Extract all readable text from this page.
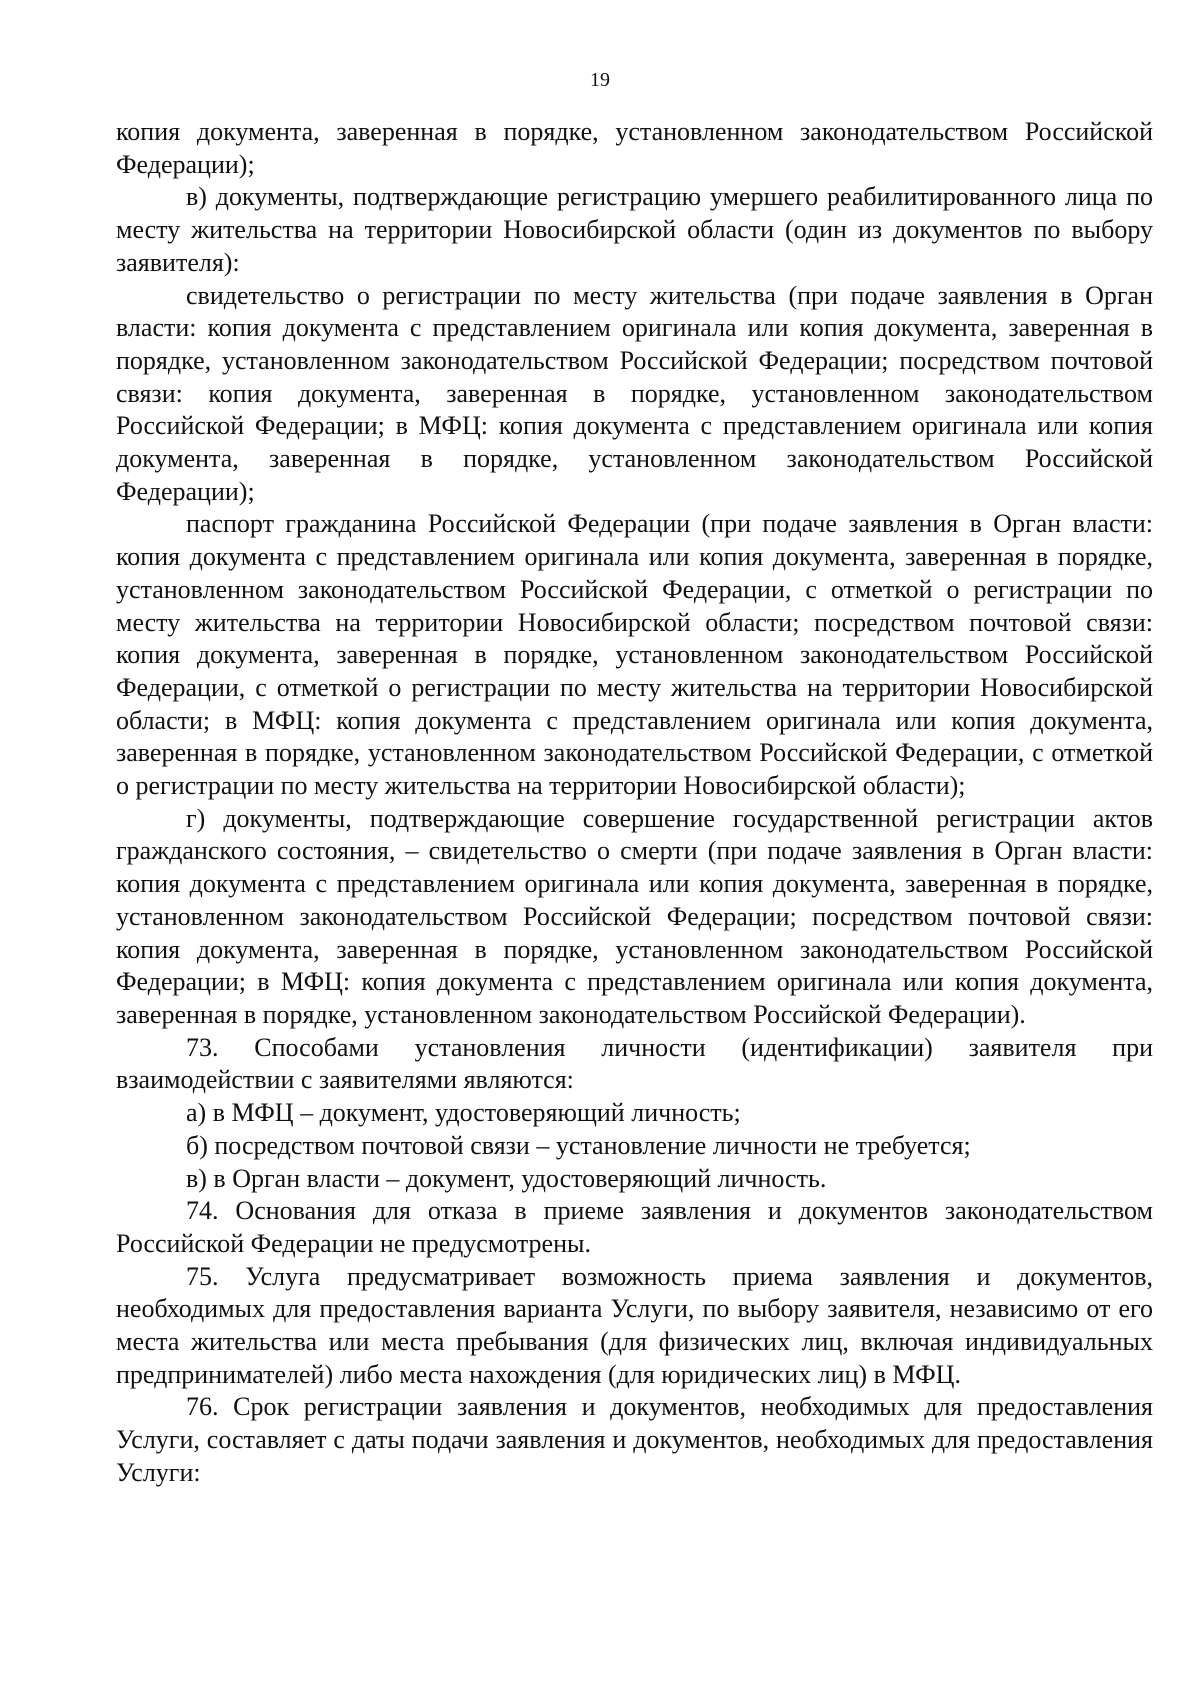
19

копия документа, заверенная в порядке, установленном законодательством Российской Федерации);

в) документы, подтверждающие регистрацию умершего реабилитированного лица по месту жительства на территории Новосибирской области (один из документов по выбору заявителя):

свидетельство о регистрации по месту жительства (при подаче заявления в Орган власти: копия документа с представлением оригинала или копия документа, заверенная в порядке, установленном законодательством Российской Федерации; посредством почтовой связи: копия документа, заверенная в порядке, установленном законодательством Российской Федерации; в МФЦ: копия документа с представлением оригинала или копия документа, заверенная в порядке, установленном законодательством Российской Федерации);

паспорт гражданина Российской Федерации (при подаче заявления в Орган власти: копия документа с представлением оригинала или копия документа, заверенная в порядке, установленном законодательством Российской Федерации, с отметкой о регистрации по месту жительства на территории Новосибирской области; посредством почтовой связи: копия документа, заверенная в порядке, установленном законодательством Российской Федерации, с отметкой о регистрации по месту жительства на территории Новосибирской области; в МФЦ: копия документа с представлением оригинала или копия документа, заверенная в порядке, установленном законодательством Российской Федерации, с отметкой о регистрации по месту жительства на территории Новосибирской области);

г) документы, подтверждающие совершение государственной регистрации актов гражданского состояния, – свидетельство о смерти (при подаче заявления в Орган власти: копия документа с представлением оригинала или копия документа, заверенная в порядке, установленном законодательством Российской Федерации; посредством почтовой связи: копия документа, заверенная в порядке, установленном законодательством Российской Федерации; в МФЦ: копия документа с представлением оригинала или копия документа, заверенная в порядке, установленном законодательством Российской Федерации).

73. Способами установления личности (идентификации) заявителя при взаимодействии с заявителями являются:

а) в МФЦ – документ, удостоверяющий личность;

б) посредством почтовой связи – установление личности не требуется;

в) в Орган власти – документ, удостоверяющий личность.

74. Основания для отказа в приеме заявления и документов законодательством Российской Федерации не предусмотрены.

75. Услуга предусматривает возможность приема заявления и документов, необходимых для предоставления варианта Услуги, по выбору заявителя, независимо от его места жительства или места пребывания (для физических лиц, включая индивидуальных предпринимателей) либо места нахождения (для юридических лиц) в МФЦ.

76. Срок регистрации заявления и документов, необходимых для предоставления Услуги, составляет с даты подачи заявления и документов, необходимых для предоставления Услуги:
